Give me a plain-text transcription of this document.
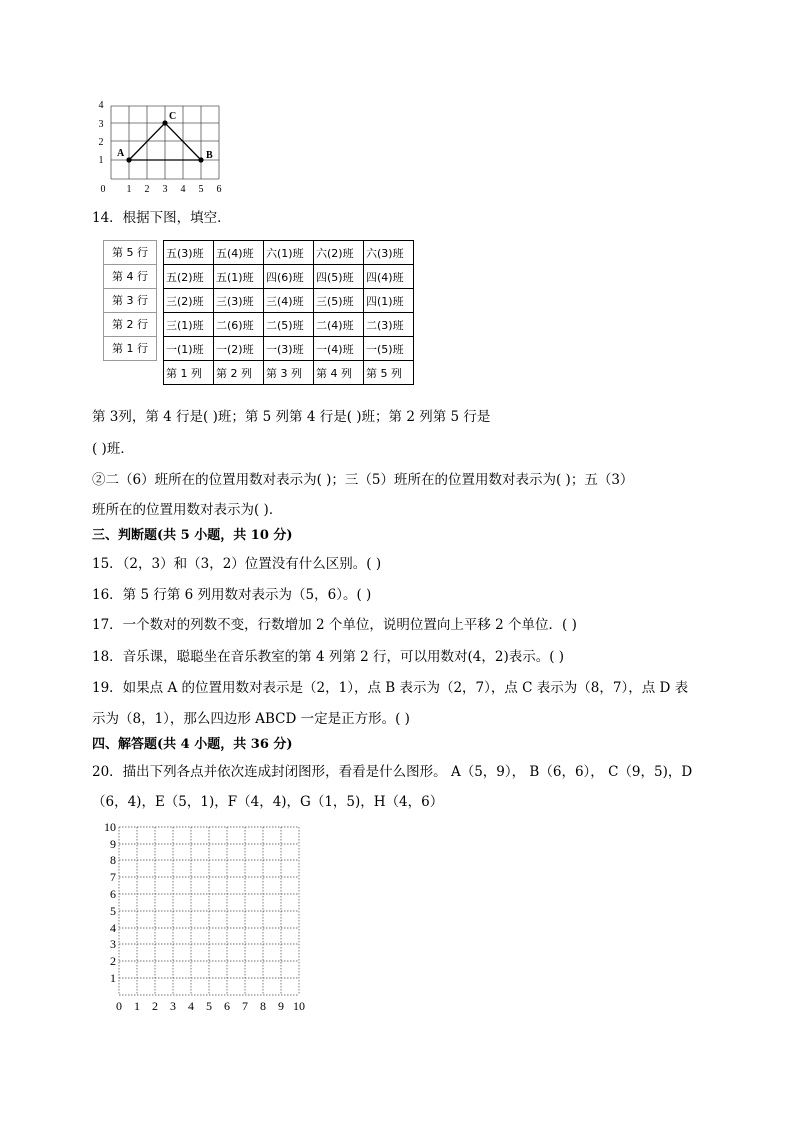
0 1 2 3 4 5 6
1
2
3
4
A
C
B
14．根据下图，填空．
第 5 行
第 4 行
第 3 行
第 2 行
第 1 行
五(3)班	五(4)班	六(1)班	六(2)班	六(3)班
五(2)班	五(1)班	四(6)班	四(5)班	四(4)班
三(2)班	三(3)班	三(4)班	三(5)班	四(1)班
三(1)班	二(6)班	二(5)班	二(4)班	二(3)班
一(1)班	一(2)班	一(3)班	一(4)班	一(5)班
第 1 列	第 2 列	第 3 列	第 4 列	第 5 列
第 3列，第 4 行是( )班；第 5 列第 4 行是( )班；第 2 列第 5 行是
( )班．
②二（6）班所在的位置用数对表示为( )；三（5）班所在的位置用数对表示为( )；五（3）
班所在的位置用数对表示为( )．
三、判断题(共 5 小题，共 10 分)
15．（2，3）和（3，2）位置没有什么区别。( )
16．第 5 行第 6 列用数对表示为（5，6）。( )
17．一个数对的列数不变，行数增加 2 个单位，说明位置向上平移 2 个单位．( )
18．音乐课，聪聪坐在音乐教室的第 4 列第 2 行，可以用数对(4，2)表示。( )
19．如果点 A 的位置用数对表示是（2，1），点 B 表示为（2，7），点 C 表示为（8，7），点 D 表
示为（8，1），那么四边形 ABCD 一定是正方形。( )
四、解答题(共 4 小题，共 36 分)
20．描出下列各点并依次连成封闭图形，看看是什么图形。 A（5，9）， B（6，6）， C（9，5)，D
（6，4)，E（5，1)，F（4，4)，G（1，5)，H（4，6）
0 1 2 3 4 5 6 7 8 9 10
1
2
3
4
5
6
7
8
9
10
